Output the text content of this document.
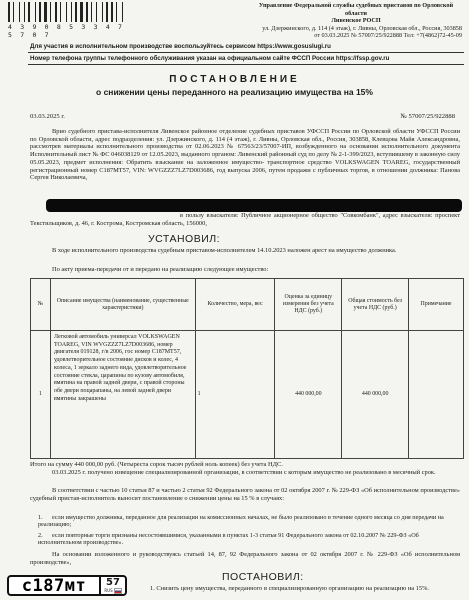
4 3 9 0 8 5 3 3 4 7 5 7 0 7
Управление Федеральной службы судебных приставов по Орловской
области
Ливенское РОСП
ул. Дзержинского, д. 114 (4 этаж), г. Ливны, Орловская обл., Россия, 303858
от 03.03.2025 № 57007/25/922888 Тел: +7(4862)72-45-09
Для участия в исполнительном производстве воспользуйтесь сервисом https://www.gosuslugi.ru
Номер телефона группы телефонного обслуживания указан на официальном сайте ФССП России https://fssp.gov.ru
ПОСТАНОВЛЕНИЕ
о снижении цены переданного на реализацию имущества на 15%
03.03.2025 г.	№ 57007/25/922888
Врио судебного пристава-исполнителя Ливенское районное отделение судебных приставов УФССП России по Орловской области УФССП России по Орловской области, адрес подразделения: ул. Дзержинского, д. 114 (4 этаж), г. Ливны, Орловская обл., Россия, 303858, Клевцова Майя Александровна, рассмотрев материалы исполнительного производства от 02.06.2023 № 67563/23/57007-ИП, возбужденного на основании исполнительного документа Исполнительный лист № ФС 046038129 от 12.05.2023, выданного органом: Ливенский районный суд по делу № 2-1-399/2023, вступившему в законную силу 05.05.2023, предмет исполнения: Обратить взыскание на заложенное имущество- транспортное средство VOLKSWAGEN TOAREG, государственный регистрационный номер С187МТ57, VIN: WVGZZZ7LZ7D003686, год выпуска 2006, путем продажи с публичных торгов, в отношении должника: Панова Сергея Николаевича,
в пользу взыскателя: Публичное акционерное общество "Совкомбанк", адрес взыскателя: проспект Текстильщиков, д. 46, г. Кострома, Костромская область, 156000,
УСТАНОВИЛ:
В ходе исполнительного производства судебным приставом-исполнителем 14.10.2023 наложен арест на имущество должника.
По акту приема-передачи от и передано на реализацию следующее имущество:
№	Описание имущества (наименование, существенные характеристики)	Количество, мера, вес	Оценка за единицу измерения без учета НДС (руб.)	Общая стоимость без учета НДС (руб.)	Примечание
1	Легковой автомобиль универсал VOLKSWAGEN TOAREG, VIN WVGZZZ7LZ7D003686, номер двигателя 019128, г/в 2006, гос номер С187МТ57, удовлетворительное состояние дисков и колес, 4 колеса, 1 зеркало заднего вида, удовлетворительное состояние стекла, царапины по кузову автомобиля, вмятина на правой задней двери, с правой стороны обе двери поцарапаны, на левой задней двери вмятины закрашены	1	440 000,00	440 000,00	
Итого на сумму 440 000,00 руб. (Четыреста сорок тысяч рублей ноль копеек) без учета НДС.
03.03.2025 г. получено извещение специализированной организации, в соответствии с которым имущество не реализовано в месячный срок.
В соответствии с частью 10 статьи 87 и частью 2 статьи 92 Федерального закона от 02 октября 2007 г. № 229-ФЗ «Об исполнительном производстве» судебный пристав-исполнитель выносит постановление о снижении цены на 15 % в случаях:
1. если имущество должника, переданное для реализации на комиссионных началах, не было реализовано в течение одного месяца со дня передачи на реализацию;
2. если повторные торги признаны несостоявшимися, указанными в пунктах 1-3 статьи 91 Федерального закона от 02.10.2007 № 229-ФЗ «Об исполнительном производстве».
На основании изложенного и руководствуясь статьей 14, 87, 92 Федерального закона от 02 октября 2007 г. № 229-ФЗ «Об исполнительном производстве»,
ПОСТАНОВИЛ:
1. Снизить цену имущества, переданного в специализированную организацию на реализацию на 15%.
с187мт	57
RUS
